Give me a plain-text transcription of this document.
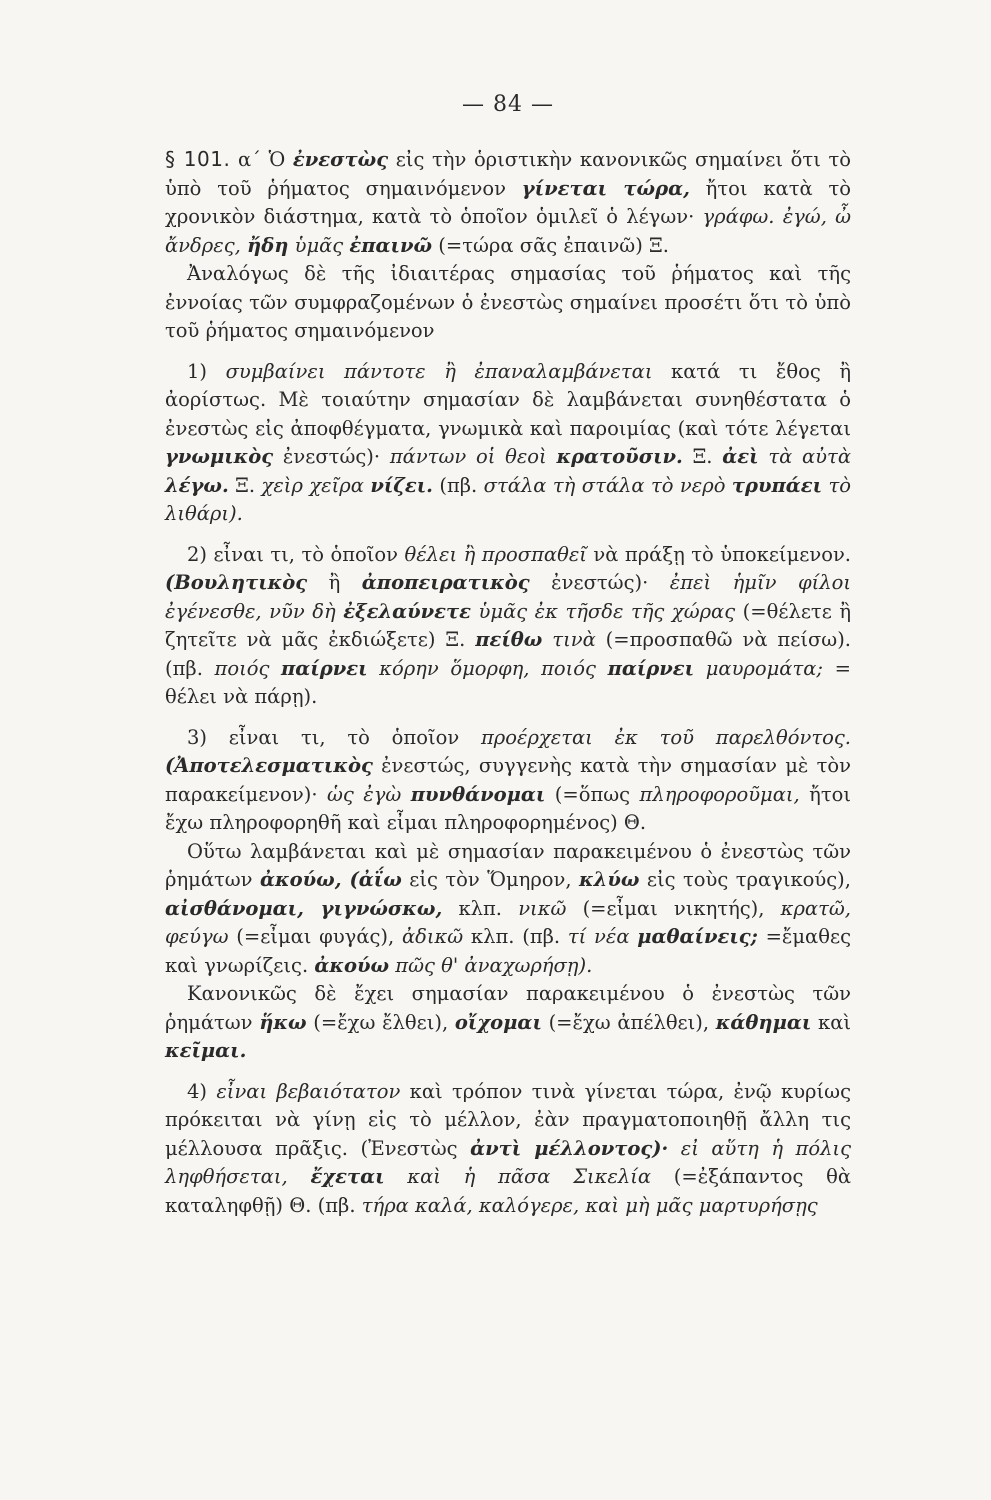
— 84 —

§ 101. α΄ Ὁ ἐνεστὼς εἰς τὴν ὁριστικὴν κανονικῶς σημαίνει ὅτι τὸ ὑπὸ τοῦ ῥήματος σημαινόμενον γίνεται τώρα, ἤτοι κατὰ τὸ χρονικὸν διάστημα, κατὰ τὸ ὁποῖον ὁμιλεῖ ὁ λέγων· γράφω. ἐγώ, ὦ ἄνδρες, ἤδη ὑμᾶς ἐπαινῶ (=τώρα σᾶς ἐπαινῶ) Ξ.

Ἀναλόγως δὲ τῆς ἰδιαιτέρας σημασίας τοῦ ῥήματος καὶ τῆς ἐννοίας τῶν συμφραζομένων ὁ ἐνεστὼς σημαίνει προσέτι ὅτι τὸ ὑπὸ τοῦ ῥήματος σημαινόμενον

1) συμβαίνει πάντοτε ἢ ἐπαναλαμβάνεται κατά τι ἔθος ἢ ἀορίστως. Μὲ τοιαύτην σημασίαν δὲ λαμβάνεται συνηθέστατα ὁ ἐνεστὼς εἰς ἀποφθέγματα, γνωμικὰ καὶ παροιμίας (καὶ τότε λέγεται γνωμικὸς ἐνεστώς)· πάντων οἱ θεοὶ κρατοῦσιν. Ξ. ἀεὶ τὰ αὐτὰ λέγω. Ξ. χεὶρ χεῖρα νίζει. (πβ. στάλα τὴ στάλα τὸ νερὸ τρυπάει τὸ λιθάρι).

2) εἶναι τι, τὸ ὁποῖον θέλει ἢ προσπαθεῖ νὰ πράξῃ τὸ ὑποκείμενον. (Βουλητικὸς ἢ ἀποπειρατικὸς ἐνεστώς)· ἐπεὶ ἡμῖν φίλοι ἐγένεσθε, νῦν δὴ ἐξελαύνετε ὑμᾶς ἐκ τῆσδε τῆς χώρας (=θέλετε ἢ ζητεῖτε νὰ μᾶς ἐκδιώξετε) Ξ. πείθω τινὰ (=προσπαθῶ νὰ πείσω). (πβ. ποιός παίρνει κόρην ὅμορφη, ποιός παίρνει μαυρομάτα; = θέλει νὰ πάρῃ).

3) εἶναι τι, τὸ ὁποῖον προέρχεται ἐκ τοῦ παρελθόντος. (Ἀποτελεσματικὸς ἐνεστώς, συγγενὴς κατὰ τὴν σημασίαν μὲ τὸν παρακείμενον)· ὡς ἐγὼ πυνθάνομαι (=ὅπως πληροφοροῦμαι, ἤτοι ἔχω πληροφορηθῆ καὶ εἶμαι πληροφορημένος) Θ.

Οὕτω λαμβάνεται καὶ μὲ σημασίαν παρακειμένου ὁ ἐνεστὼς τῶν ῥημάτων ἀκούω, (ἀΐω εἰς τὸν Ὅμηρον, κλύω εἰς τοὺς τραγικούς), αἰσθάνομαι, γιγνώσκω, κλπ. νικῶ (=εἶμαι νικητής), κρατῶ, φεύγω (=εἶμαι φυγάς), ἀδικῶ κλπ. (πβ. τί νέα μαθαίνεις; =ἔμαθες καὶ γνωρίζεις. ἀκούω πῶς θ' ἀναχωρήσῃ).

Κανονικῶς δὲ ἔχει σημασίαν παρακειμένου ὁ ἐνεστὼς τῶν ῥημάτων ἥκω (=ἔχω ἔλθει), οἴχομαι (=ἔχω ἀπέλθει), κάθημαι καὶ κεῖμαι.

4) εἶναι βεβαιότατον καὶ τρόπον τινὰ γίνεται τώρα, ἐνῷ κυρίως πρόκειται νὰ γίνῃ εἰς τὸ μέλλον, ἐὰν πραγματοποιηθῇ ἄλλη τις μέλλουσα πρᾶξις. (Ἐνεστὼς ἀντὶ μέλλοντος)· εἰ αὕτη ἡ πόλις ληφθήσεται, ἔχεται καὶ ἡ πᾶσα Σικελία (=ἐξάπαντος θὰ καταληφθῇ) Θ. (πβ. τήρα καλά, καλόγερε, καὶ μὴ μᾶς μαρτυρήσῃς
